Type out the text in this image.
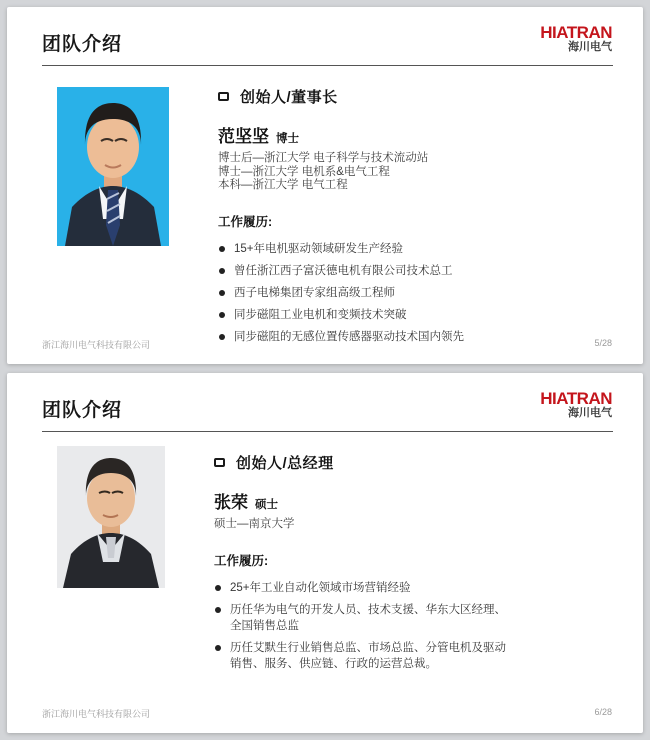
团队介绍
HIATRAN
海川电气
创始人/董事长
范坚坚 博士
博士后—浙江大学 电子科学与技术流动站
博士—浙江大学 电机系&电气工程
本科—浙江大学 电气工程
工作履历:
15+年电机驱动领域研发生产经验
曾任浙江西子富沃德电机有限公司技术总工
西子电梯集团专家组高级工程师
同步磁阻工业电机和变频技术突破
同步磁阻的无感位置传感器驱动技术国内领先
浙江海川电气科技有限公司	5/28
团队介绍
HIATRAN
海川电气
创始人/总经理
张荣 硕士
硕士—南京大学
工作履历:
25+年工业自动化领域市场营销经验
历任华为电气的开发人员、技术支援、华东大区经理、全国销售总监
历任艾默生行业销售总监、市场总监、分管电机及驱动销售、服务、供应链、行政的运营总裁。
浙江海川电气科技有限公司	6/28
